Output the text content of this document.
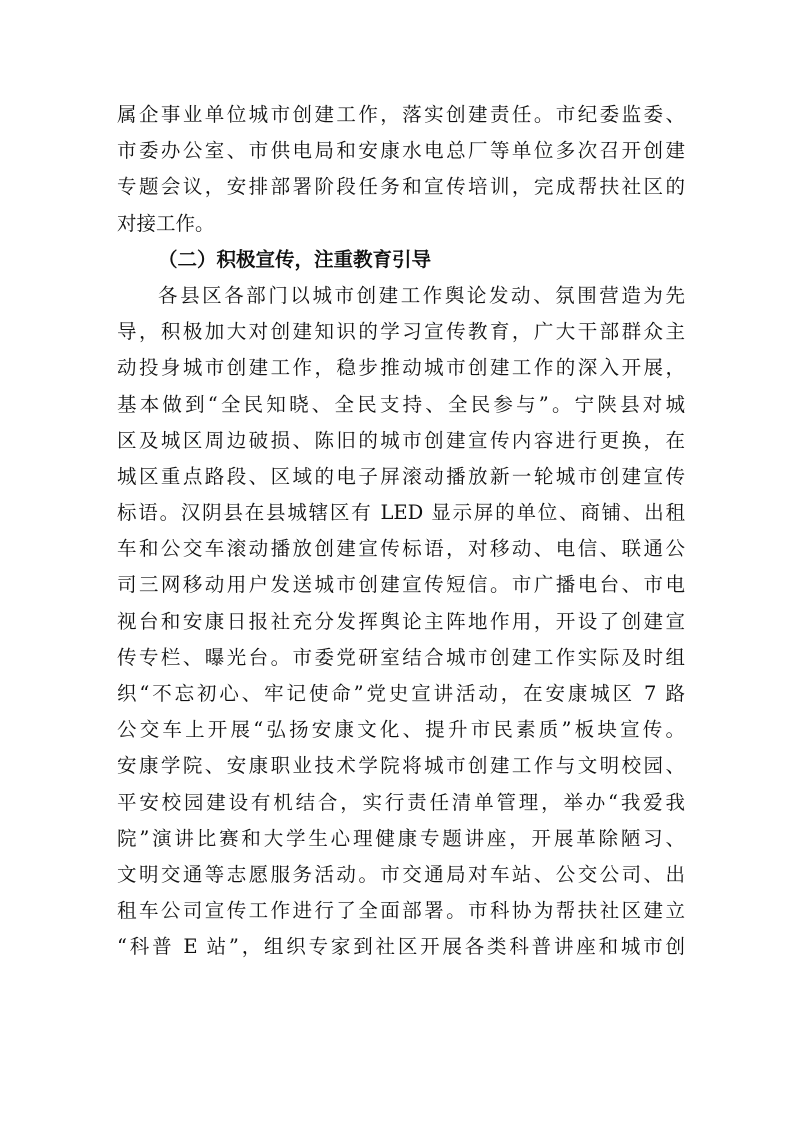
属企事业单位城市创建工作，落实创建责任。市纪委监委、
市委办公室、市供电局和安康水电总厂等单位多次召开创建
专题会议，安排部署阶段任务和宣传培训，完成帮扶社区的
对接工作。
（二）积极宣传，注重教育引导
各县区各部门以城市创建工作舆论发动、氛围营造为先
导，积极加大对创建知识的学习宣传教育，广大干部群众主
动投身城市创建工作，稳步推动城市创建工作的深入开展，
基本做到“全民知晓、全民支持、全民参与”。宁陕县对城
区及城区周边破损、陈旧的城市创建宣传内容进行更换，在
城区重点路段、区域的电子屏滚动播放新一轮城市创建宣传
标语。汉阴县在县城辖区有 LED 显示屏的单位、商铺、出租
车和公交车滚动播放创建宣传标语，对移动、电信、联通公
司三网移动用户发送城市创建宣传短信。市广播电台、市电
视台和安康日报社充分发挥舆论主阵地作用，开设了创建宣
传专栏、曝光台。市委党研室结合城市创建工作实际及时组
织“不忘初心、牢记使命”党史宣讲活动，在安康城区 7 路
公交车上开展“弘扬安康文化、提升市民素质”板块宣传。
安康学院、安康职业技术学院将城市创建工作与文明校园、
平安校园建设有机结合，实行责任清单管理，举办“我爱我
院”演讲比赛和大学生心理健康专题讲座，开展革除陋习、
文明交通等志愿服务活动。市交通局对车站、公交公司、出
租车公司宣传工作进行了全面部署。市科协为帮扶社区建立
“科普 E 站”，组织专家到社区开展各类科普讲座和城市创
